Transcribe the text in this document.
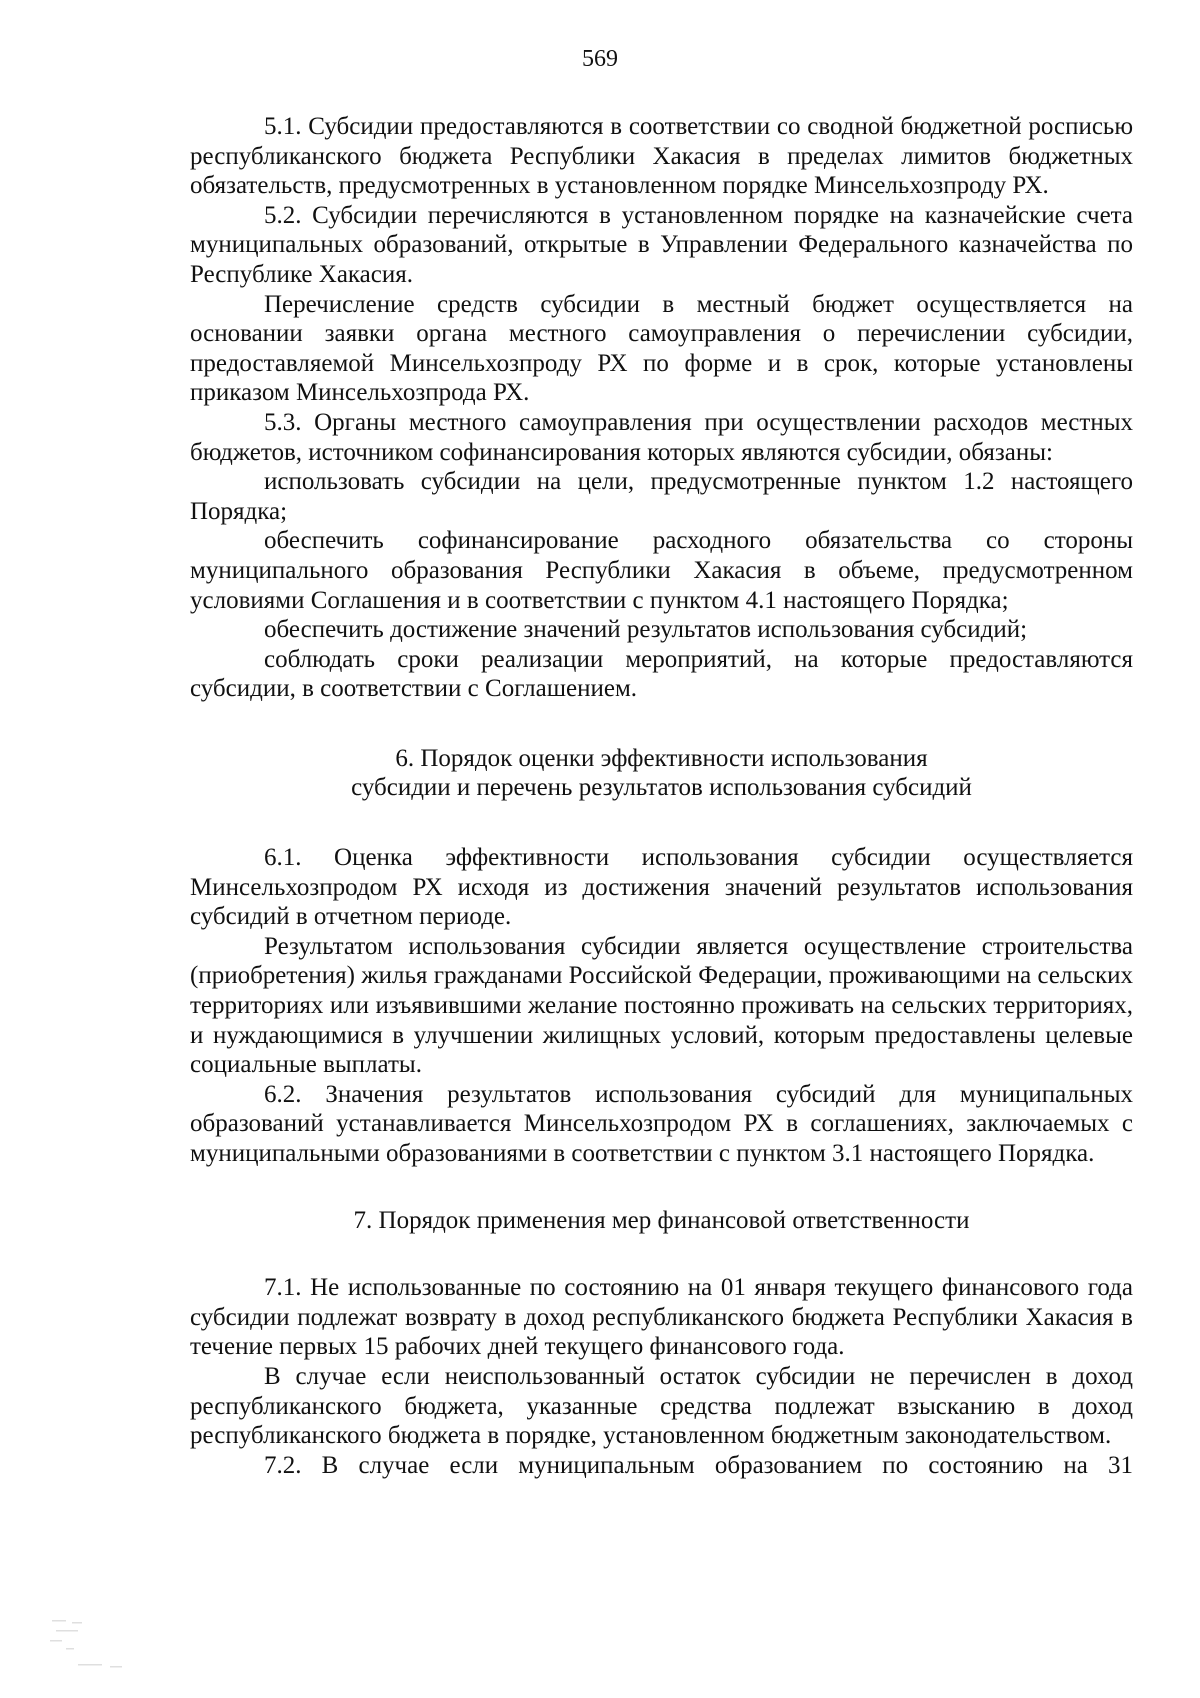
569

5.1. Субсидии предоставляются в соответствии со сводной бюджетной росписью республиканского бюджета Республики Хакасия в пределах лимитов бюджетных обязательств, предусмотренных в установленном порядке Минсельхозпроду РХ.

5.2. Субсидии перечисляются в установленном порядке на казначейские счета муниципальных образований, открытые в Управлении Федерального казначейства по Республике Хакасия.

Перечисление средств субсидии в местный бюджет осуществляется на основании заявки органа местного самоуправления о перечислении субсидии, предоставляемой Минсельхозпроду РХ по форме и в срок, которые установлены приказом Минсельхозпрода РХ.

5.3. Органы местного самоуправления при осуществлении расходов местных бюджетов, источником софинансирования которых являются субсидии, обязаны:

использовать субсидии на цели, предусмотренные пунктом 1.2 настоящего Порядка;

обеспечить софинансирование расходного обязательства со стороны муниципального образования Республики Хакасия в объеме, предусмотренном условиями Соглашения и в соответствии с пунктом 4.1 настоящего Порядка;

обеспечить достижение значений результатов использования субсидий;

соблюдать сроки реализации мероприятий, на которые предоставляются субсидии, в соответствии с Соглашением.

6. Порядок оценки эффективности использования
субсидии и перечень результатов использования субсидий

6.1. Оценка эффективности использования субсидии осуществляется Минсельхозпродом РХ исходя из достижения значений результатов использования субсидий в отчетном периоде.

Результатом использования субсидии является осуществление строительства (приобретения) жилья гражданами Российской Федерации, проживающими на сельских территориях или изъявившими желание постоянно проживать на сельских территориях, и нуждающимися в улучшении жилищных условий, которым предоставлены целевые социальные выплаты.

6.2. Значения результатов использования субсидий для муниципальных образований устанавливается Минсельхозпродом РХ в соглашениях, заключаемых с муниципальными образованиями в соответствии с пунктом 3.1 настоящего Порядка.

7. Порядок применения мер финансовой ответственности

7.1. Не использованные по состоянию на 01 января текущего финансового года субсидии подлежат возврату в доход республиканского бюджета Республики Хакасия в течение первых 15 рабочих дней текущего финансового года.

В случае если неиспользованный остаток субсидии не перечислен в доход республиканского бюджета, указанные средства подлежат взысканию в доход республиканского бюджета в порядке, установленном бюджетным законодательством.

7.2. В случае если муниципальным образованием по состоянию на 31
